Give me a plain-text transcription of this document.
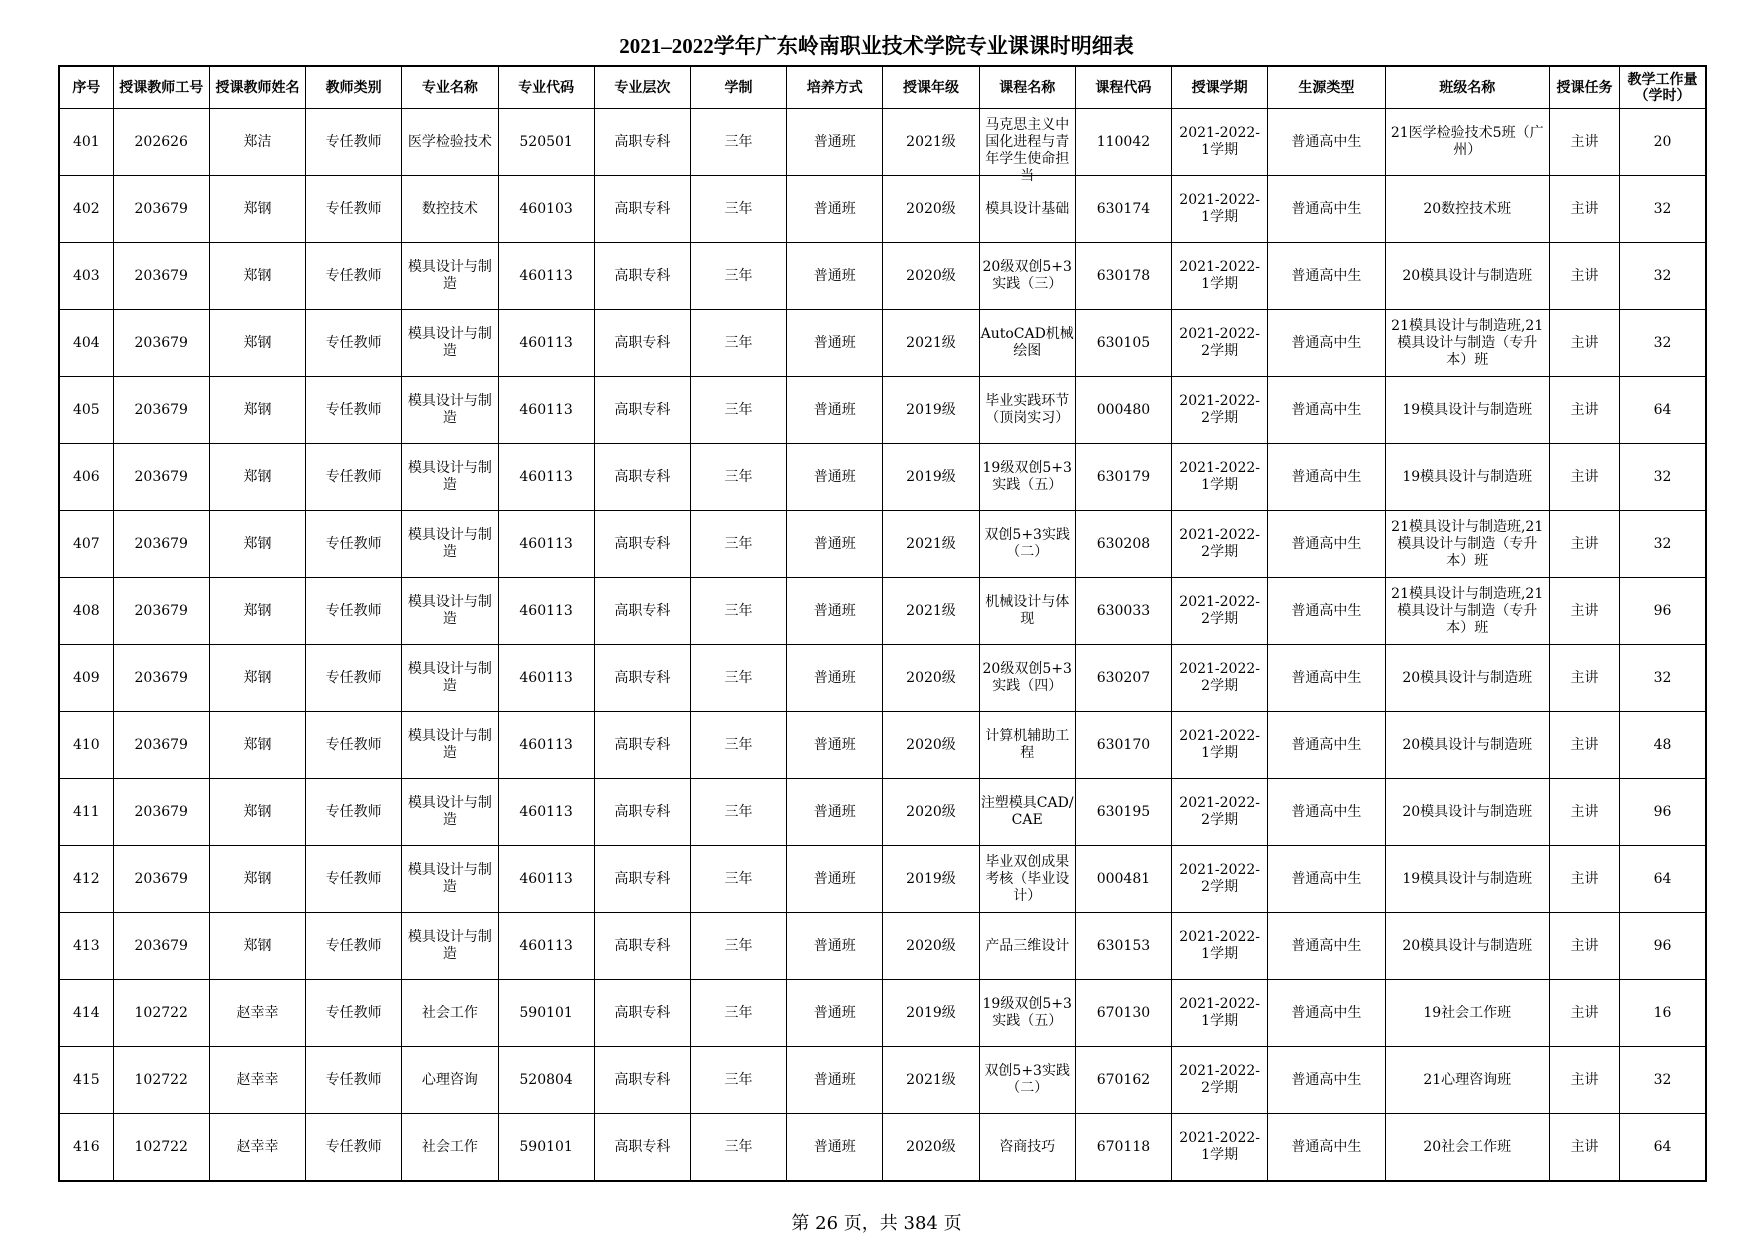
2021–2022学年广东岭南职业技术学院专业课课时明细表
序号	授课教师工号	授课教师姓名	教师类别	专业名称	专业代码	专业层次	学制	培养方式	授课年级	课程名称	课程代码	授课学期	生源类型	班级名称	授课任务	教学工作量（学时）
401	202626	郑洁	专任教师	医学检验技术	520501	高职专科	三年	普通班	2021级	马克思主义中国化进程与青年学生使命担当	110042	2021-2022-1学期	普通高中生	21医学检验技术5班（广州）	主讲	20
402	203679	郑钢	专任教师	数控技术	460103	高职专科	三年	普通班	2020级	模具设计基础	630174	2021-2022-1学期	普通高中生	20数控技术班	主讲	32
403	203679	郑钢	专任教师	模具设计与制造	460113	高职专科	三年	普通班	2020级	20级双创5+3实践（三）	630178	2021-2022-1学期	普通高中生	20模具设计与制造班	主讲	32
404	203679	郑钢	专任教师	模具设计与制造	460113	高职专科	三年	普通班	2021级	AutoCAD机械绘图	630105	2021-2022-2学期	普通高中生	21模具设计与制造班,21模具设计与制造（专升本）班	主讲	32
405	203679	郑钢	专任教师	模具设计与制造	460113	高职专科	三年	普通班	2019级	毕业实践环节（顶岗实习）	000480	2021-2022-2学期	普通高中生	19模具设计与制造班	主讲	64
406	203679	郑钢	专任教师	模具设计与制造	460113	高职专科	三年	普通班	2019级	19级双创5+3实践（五）	630179	2021-2022-1学期	普通高中生	19模具设计与制造班	主讲	32
407	203679	郑钢	专任教师	模具设计与制造	460113	高职专科	三年	普通班	2021级	双创5+3实践（二）	630208	2021-2022-2学期	普通高中生	21模具设计与制造班,21模具设计与制造（专升本）班	主讲	32
408	203679	郑钢	专任教师	模具设计与制造	460113	高职专科	三年	普通班	2021级	机械设计与体现	630033	2021-2022-2学期	普通高中生	21模具设计与制造班,21模具设计与制造（专升本）班	主讲	96
409	203679	郑钢	专任教师	模具设计与制造	460113	高职专科	三年	普通班	2020级	20级双创5+3实践（四）	630207	2021-2022-2学期	普通高中生	20模具设计与制造班	主讲	32
410	203679	郑钢	专任教师	模具设计与制造	460113	高职专科	三年	普通班	2020级	计算机辅助工程	630170	2021-2022-1学期	普通高中生	20模具设计与制造班	主讲	48
411	203679	郑钢	专任教师	模具设计与制造	460113	高职专科	三年	普通班	2020级	注塑模具CAD/CAE	630195	2021-2022-2学期	普通高中生	20模具设计与制造班	主讲	96
412	203679	郑钢	专任教师	模具设计与制造	460113	高职专科	三年	普通班	2019级	毕业双创成果考核（毕业设计）	000481	2021-2022-2学期	普通高中生	19模具设计与制造班	主讲	64
413	203679	郑钢	专任教师	模具设计与制造	460113	高职专科	三年	普通班	2020级	产品三维设计	630153	2021-2022-1学期	普通高中生	20模具设计与制造班	主讲	96
414	102722	赵幸幸	专任教师	社会工作	590101	高职专科	三年	普通班	2019级	19级双创5+3实践（五）	670130	2021-2022-1学期	普通高中生	19社会工作班	主讲	16
415	102722	赵幸幸	专任教师	心理咨询	520804	高职专科	三年	普通班	2021级	双创5+3实践（二）	670162	2021-2022-2学期	普通高中生	21心理咨询班	主讲	32
416	102722	赵幸幸	专任教师	社会工作	590101	高职专科	三年	普通班	2020级	咨商技巧	670118	2021-2022-1学期	普通高中生	20社会工作班	主讲	64
第 26 页，共 384 页
